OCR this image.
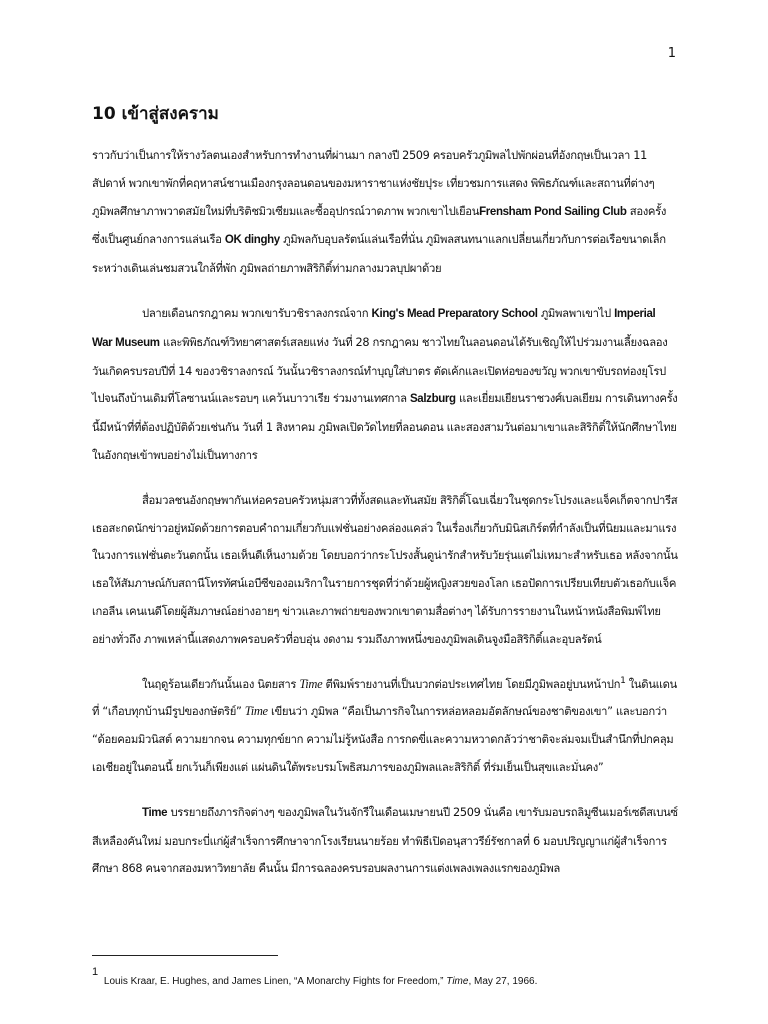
1
10 เข้าสู่สงคราม

ราวกับว่าเป็นการให้รางวัลตนเองสำหรับการทำงานที่ผ่านมา กลางปี 2509 ครอบครัวภูมิพลไปพักผ่อนที่อังกฤษเป็นเวลา 11 สัปดาห์ พวกเขาพักที่คฤหาสน์ชานเมืองกรุงลอนดอนของมหาราชาแห่งชัยปุระ เที่ยวชมการแสดง พิพิธภัณฑ์และสถานที่ต่างๆ ภูมิพลศึกษาภาพวาดสมัยใหม่ที่บริติชมิวเซียมและซื้ออุปกรณ์วาดภาพ พวกเขาไปเยือนFrensham Pond Sailing Club สองครั้ง ซึ่งเป็นศูนย์กลางการแล่นเรือ OK dinghy ภูมิพลกับอุบลรัตน์แล่นเรือที่นั่น ภูมิพลสนทนาแลกเปลี่ยนเกี่ยวกับการต่อเรือขนาดเล็ก ระหว่างเดินเล่นชมสวนใกล้ที่พัก ภูมิพลถ่ายภาพสิริกิติ์ท่ามกลางมวลบุปผาด้วย

ปลายเดือนกรกฎาคม พวกเขารับวชิราลงกรณ์จาก King's Mead Preparatory School ภูมิพลพาเขาไป Imperial War Museum และพิพิธภัณฑ์วิทยาศาสตร์เสลยแห่ง วันที่ 28 กรกฎาคม ชาวไทยในลอนดอนได้รับเชิญให้ไปร่วมงานเลี้ยงฉลองวันเกิดครบรอบปีที่ 14 ของวชิราลงกรณ์ วันนั้นวชิราลงกรณ์ทำบุญใส่บาตร ตัดเค้กและเปิดห่อของขวัญ พวกเขาขับรถท่องยุโรปไปจนถึงบ้านเดิมที่โลซานน์และรอบๆ แคว้นบาวาเรีย ร่วมงานเทศกาล Salzburg และเยี่ยมเยียนราชวงศ์เบลเยียม การเดินทางครั้งนี้มีหน้าที่ที่ต้องปฏิบัติด้วยเช่นกัน วันที่ 1 สิงหาคม ภูมิพลเปิดวัดไทยที่ลอนดอน และสองสามวันต่อมาเขาและสิริกิติ์ให้นักศึกษาไทยในอังกฤษเข้าพบอย่างไม่เป็นทางการ

สื่อมวลชนอังกฤษพากันเห่อครอบครัวหนุ่มสาวที่ทั้งสดและทันสมัย สิริกิติ์โฉบเฉี่ยวในชุดกระโปรงและแจ็คเก็ตจากปารีส เธอสะกดนักข่าวอยู่หมัดด้วยการตอบคำถามเกี่ยวกับแฟชั่นอย่างคล่องแคล่ว ในเรื่องเกี่ยวกับมินิสเกิร์ตที่กำลังเป็นที่นิยมและมาแรงในวงการแฟชั่นตะวันตกนั้น เธอเห็นดีเห็นงามด้วย โดยบอกว่ากระโปรงสั้นดูน่ารักสำหรับวัยรุ่นแต่ไม่เหมาะสำหรับเธอ หลังจากนั้น เธอให้สัมภาษณ์กับสถานีโทรทัศน์เอบีซีของอเมริกาในรายการชุดที่ว่าด้วยผู้หญิงสวยของโลก เธอปัดการเปรียบเทียบตัวเธอกับแจ็คเกอลีน เคนเนดีโดยผู้สัมภาษณ์อย่างอายๆ ข่าวและภาพถ่ายของพวกเขาตามสื่อต่างๆ ได้รับการรายงานในหน้าหนังสือพิมพ์ไทยอย่างทั่วถึง ภาพเหล่านี้แสดงภาพครอบครัวที่อบอุ่น งดงาม รวมถึงภาพหนึ่งของภูมิพลเดินจูงมือสิริกิติ์และอุบลรัตน์

ในฤดูร้อนเดียวกันนั้นเอง นิตยสาร Time ตีพิมพ์รายงานที่เป็นบวกต่อประเทศไทย โดยมีภูมิพลอยู่บนหน้าปก$^1$ ในดินแดนที่ “เกือบทุกบ้านมีรูปของกษัตริย์” Time เขียนว่า ภูมิพล “คือเป็นภารกิจในการหล่อหลอมอัตลักษณ์ของชาติของเขา” และบอกว่า “ด้อยคอมมิวนิสต์ ความยากจน ความทุกข์ยาก ความไม่รู้หนังสือ การกดขี่และความหวาดกลัวว่าชาติจะล่มจมเป็นสำนึกที่ปกคลุมเอเชียอยู่ในตอนนี้ ยกเว้นก็เพียงแต่ แผ่นดินใต้พระบรมโพธิสมภารของภูมิพลและสิริกิติ์ ที่ร่มเย็นเป็นสุขและมั่นคง”

Time บรรยายถึงภารกิจต่างๆ ของภูมิพลในวันจักรีในเดือนเมษายนปี 2509 นั่นคือ เขารับมอบรถลิมูซีนเมอร์เซดีสเบนซ์สีเหลืองคันใหม่ มอบกระบี่แก่ผู้สำเร็จการศึกษาจากโรงเรียนนายร้อย ทำพิธีเปิดอนุสาวรีย์รัชกาลที่ 6 มอบปริญญาแก่ผู้สำเร็จการศึกษา 868 คนจากสองมหาวิทยาลัย คืนนั้น มีการฉลองครบรอบผลงานการแต่งเพลงเพลงแรกของภูมิพล

1 Louis Kraar, E. Hughes, and James Linen, “A Monarchy Fights for Freedom,” Time, May 27, 1966.
